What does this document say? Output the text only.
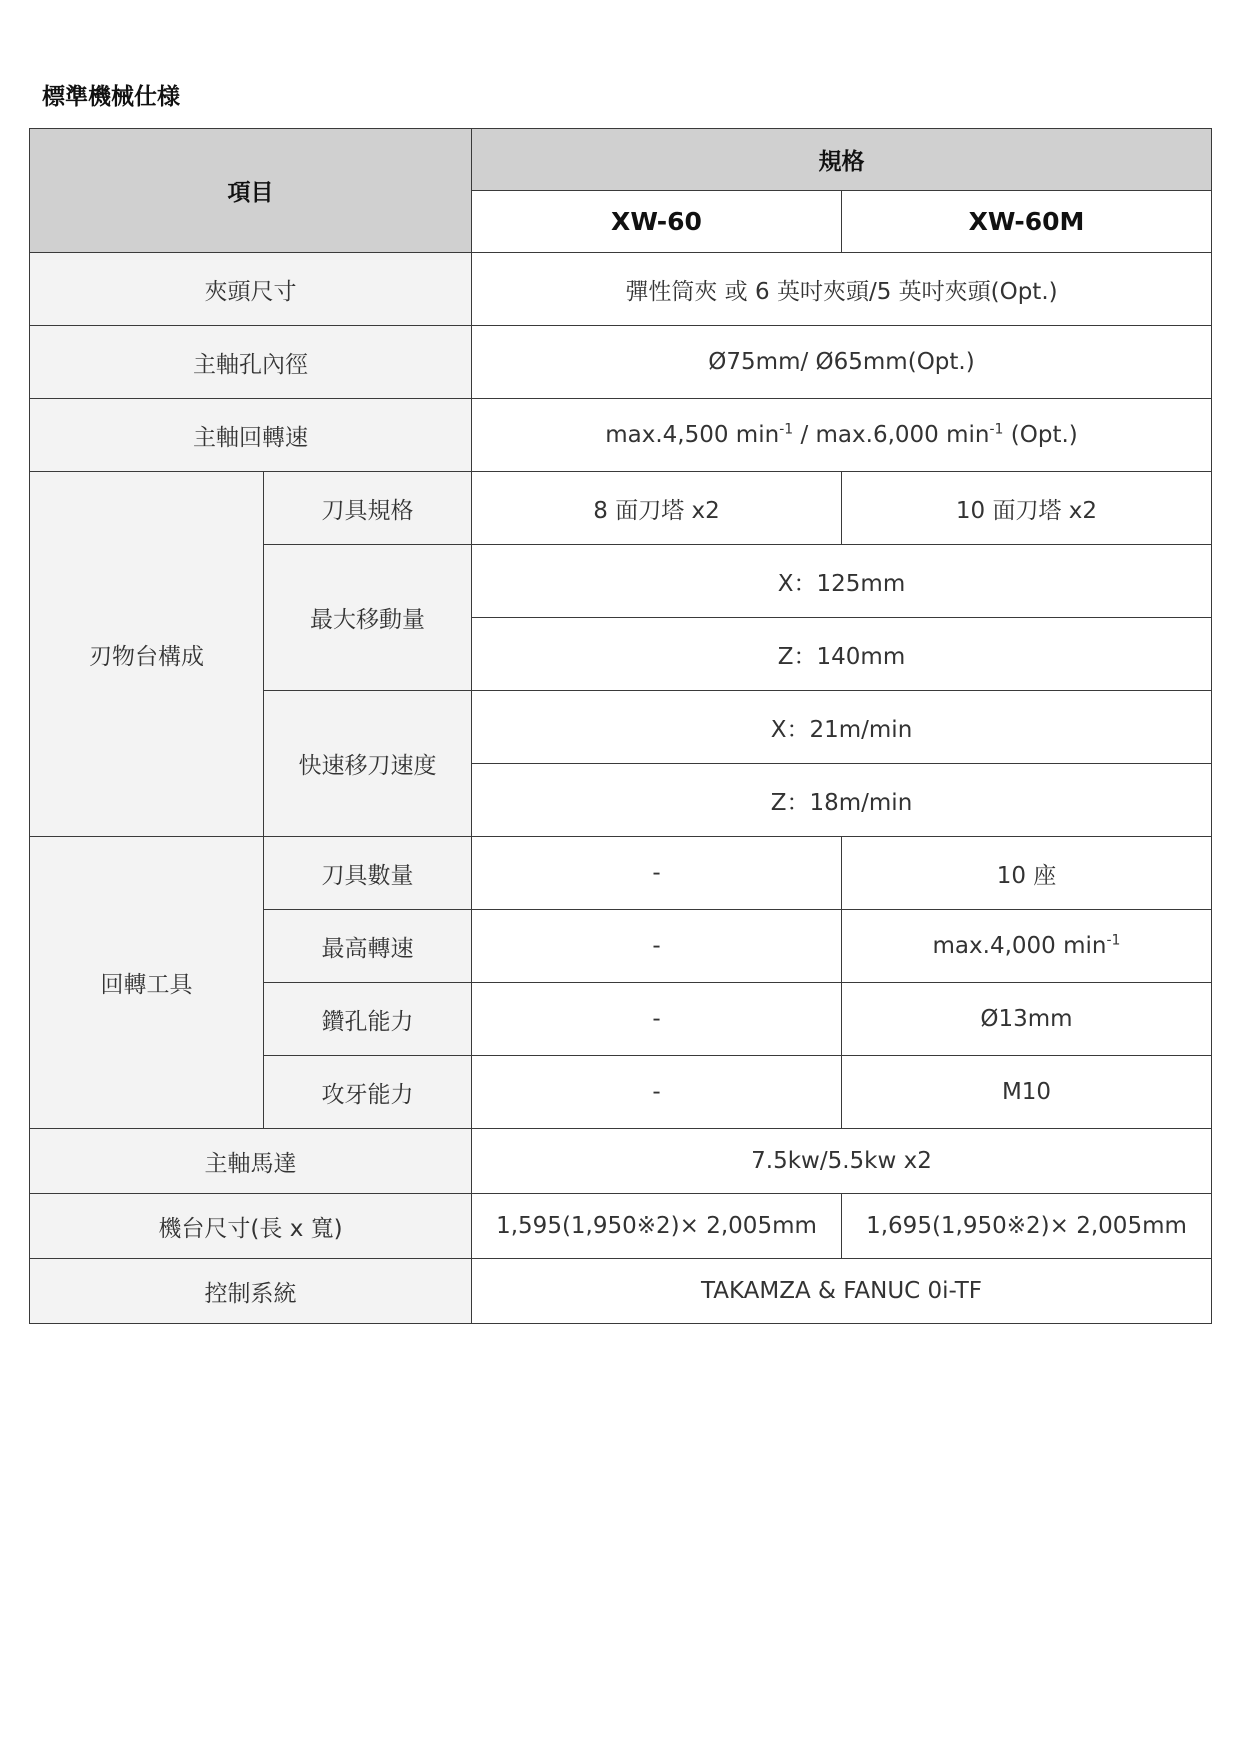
標準機械仕様
項目		規格	
		XW-60	XW-60M
夾頭尺寸		彈性筒夾 或 6 英吋夾頭/5 英吋夾頭(Opt.)	
主軸孔內徑		Ø75mm/ Ø65mm(Opt.)	
主軸回轉速		max.4,500 $\min^{-1} / \max.6,000$ $\min^{-1} (Opt.)$	
刃物台構成	刀具規格	8 面刀塔 x2	10 面刀塔 x2
	最大移動量	X：125mm	
		Z：140mm	
	快速移刀速度	X：21m/min	
		Z：18m/min	
回轉工具	刀具數量	-	10 座
	最高轉速	-	max.4,000 $\min^{-1}$
	鑽孔能力	-	Ø13mm
	攻牙能力	-	M10
主軸馬達		7.5kw/5.5kw x2	
機台尺寸(長 x 寬)		1,595(1,950※2)× 2,005mm	1,695(1,950※2)× 2,005mm
控制系統		TAKAMZA & FANUC 0i-TF	
